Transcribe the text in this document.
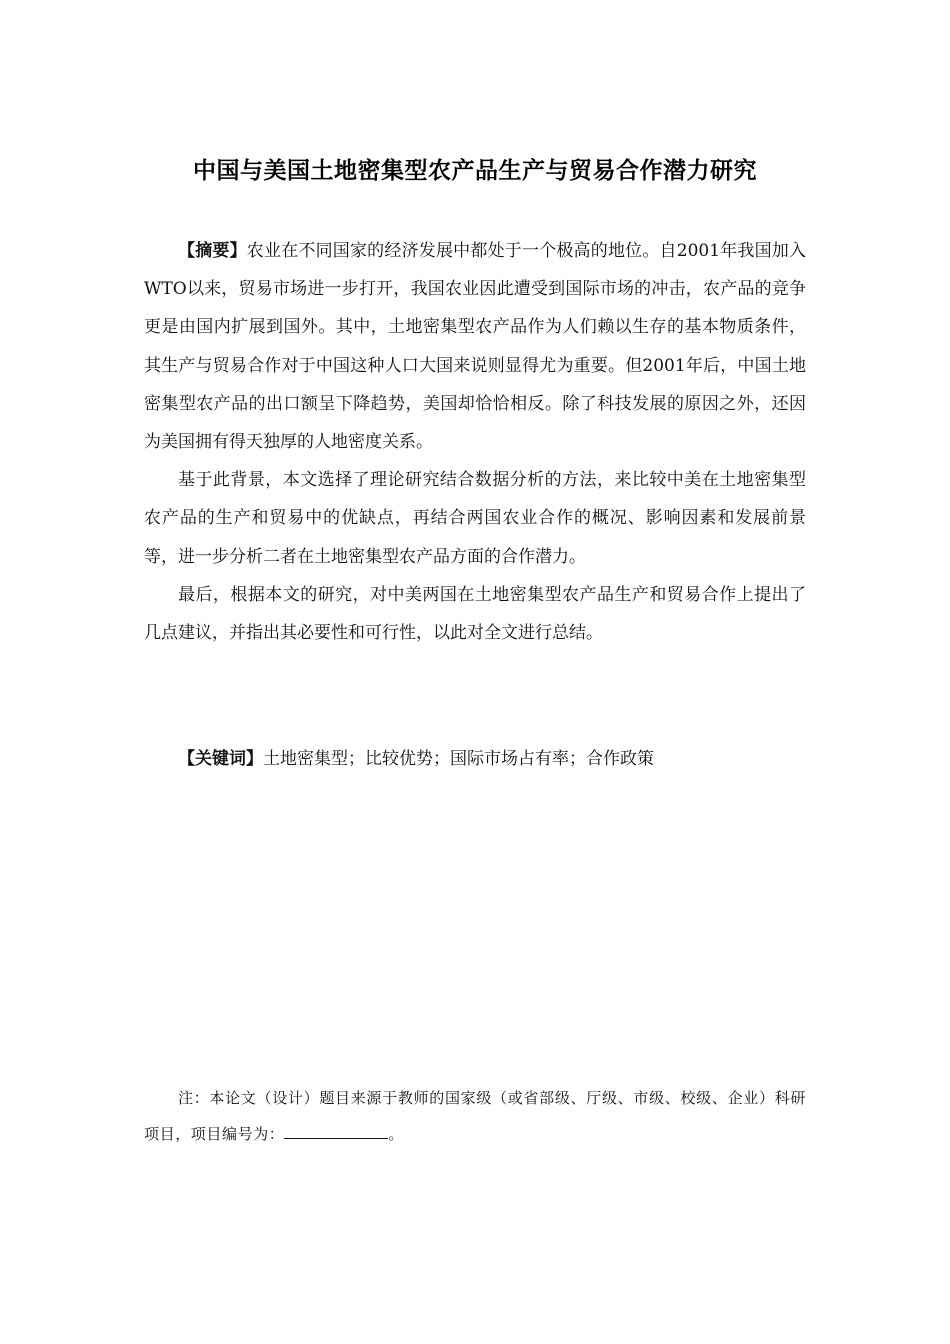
中国与美国土地密集型农产品生产与贸易合作潜力研究

【摘要】农业在不同国家的经济发展中都处于一个极高的地位。自2001年我国加入WTO以来，贸易市场进一步打开，我国农业因此遭受到国际市场的冲击，农产品的竞争更是由国内扩展到国外。其中，土地密集型农产品作为人们赖以生存的基本物质条件，其生产与贸易合作对于中国这种人口大国来说则显得尤为重要。但2001年后，中国土地密集型农产品的出口额呈下降趋势，美国却恰恰相反。除了科技发展的原因之外，还因为美国拥有得天独厚的人地密度关系。

基于此背景，本文选择了理论研究结合数据分析的方法，来比较中美在土地密集型农产品的生产和贸易中的优缺点，再结合两国农业合作的概况、影响因素和发展前景等，进一步分析二者在土地密集型农产品方面的合作潜力。

最后，根据本文的研究，对中美两国在土地密集型农产品生产和贸易合作上提出了几点建议，并指出其必要性和可行性，以此对全文进行总结。

【关键词】土地密集型；比较优势；国际市场占有率；合作政策
注：本论文（设计）题目来源于教师的国家级（或省部级、厅级、市级、校级、企业）科研项目，项目编号为：	。
